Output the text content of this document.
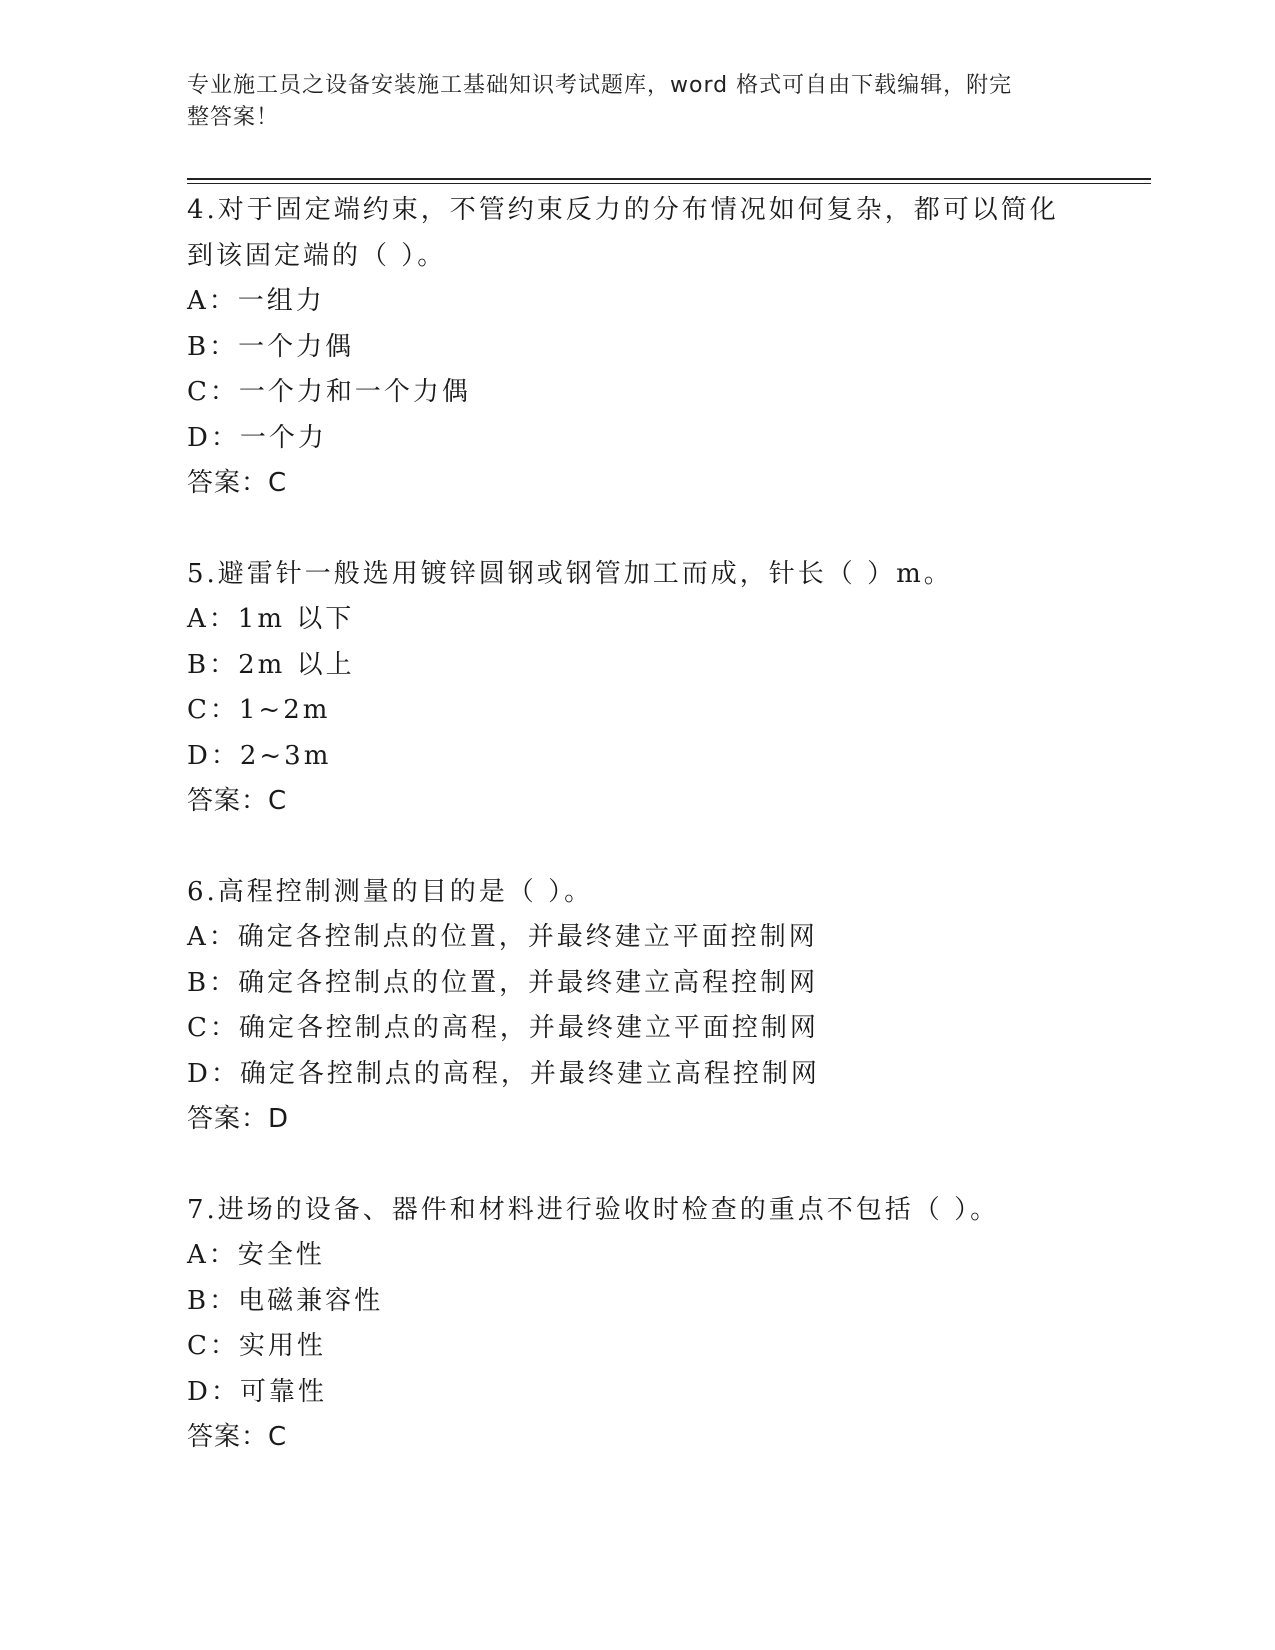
专业施工员之设备安装施工基础知识考试题库，word 格式可自由下载编辑，附完
整答案！
4.对于固定端约束，不管约束反力的分布情况如何复杂，都可以简化
到该固定端的（ ）。
A：一组力
B：一个力偶
C：一个力和一个力偶
D：一个力
答案：C
5.避雷针一般选用镀锌圆钢或钢管加工而成，针长（ ）m。
A：1m 以下
B：2m 以上
C：1~2m
D：2~3m
答案：C
6.高程控制测量的目的是（ ）。
A：确定各控制点的位置，并最终建立平面控制网
B：确定各控制点的位置，并最终建立高程控制网
C：确定各控制点的高程，并最终建立平面控制网
D：确定各控制点的高程，并最终建立高程控制网
答案：D
7.进场的设备、器件和材料进行验收时检查的重点不包括（ ）。
A：安全性
B：电磁兼容性
C：实用性
D：可靠性
答案：C
